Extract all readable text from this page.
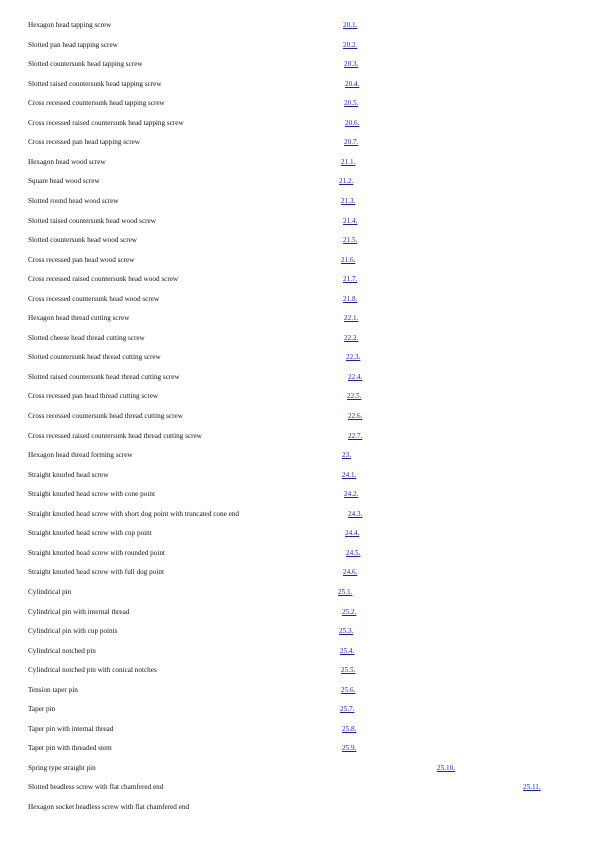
Hexagon head tapping screw	20.1.
Slotted pan head tapping screw	20.2.
Slotted countersunk head tapping screw	20.3.
Slotted raised countersunk head tapping screw	20.4.
Cross recessed countersunk head tapping screw	20.5.
Cross recessed raised countersunk head tapping screw	20.6.
Cross recessed pan head tapping screw	20.7.
Hexagon head wood screw	21.1.
Square head wood screw	21.2.
Slotted round head wood screw	21.3.
Slotted raised countersunk head wood screw	21.4.
Slotted countersunk head wood screw	21.5.
Cross recessed pan head wood screw	21.6.
Cross recessed raised countersunk head wood screw	21.7.
Cross recessed countersunk head wood screw	21.8.
Hexagon head thread cutting screw	22.1.
Slotted cheese head thread cutting screw	22.2.
Slotted countersunk head thread cutting screw	22.3.
Slotted raised countersunk head thread cutting screw	22.4.
Cross recessed pan head thread cutting screw	22.5.
Cross recessed countersunk head thread cutting screw	22.6.
Cross recessed raised countersunk head thread cutting screw	22.7.
Hexagon head thread forming screw	23.
Straight knurled head screw	24.1.
Straight knurled head screw with cone point	24.2.
Straight knurled head screw with short dog point with truncated cone end	24.3.
Straight knurled head screw with cup point	24.4.
Straight knurled head screw with rounded point	24.5.
Straight knurled head screw with full dog point	24.6.
Cylindrical pin	25.1.
Cylindrical pin with internal thread	25.2.
Cylindrical pin with cup points	25.3.
Cylindrical notched pin	25.4.
Cylindrical notched pin with conical notches	25.5.
Tension taper pin	25.6.
Taper pin	25.7.
Taper pin with internal thread	25.8.
Taper pin with threaded stem	25.9.
Spring type straight pin	25.10.
Slotted headless screw with flat chamfered end	25.11.
Hexagon socket headless screw with flat chamfered end
